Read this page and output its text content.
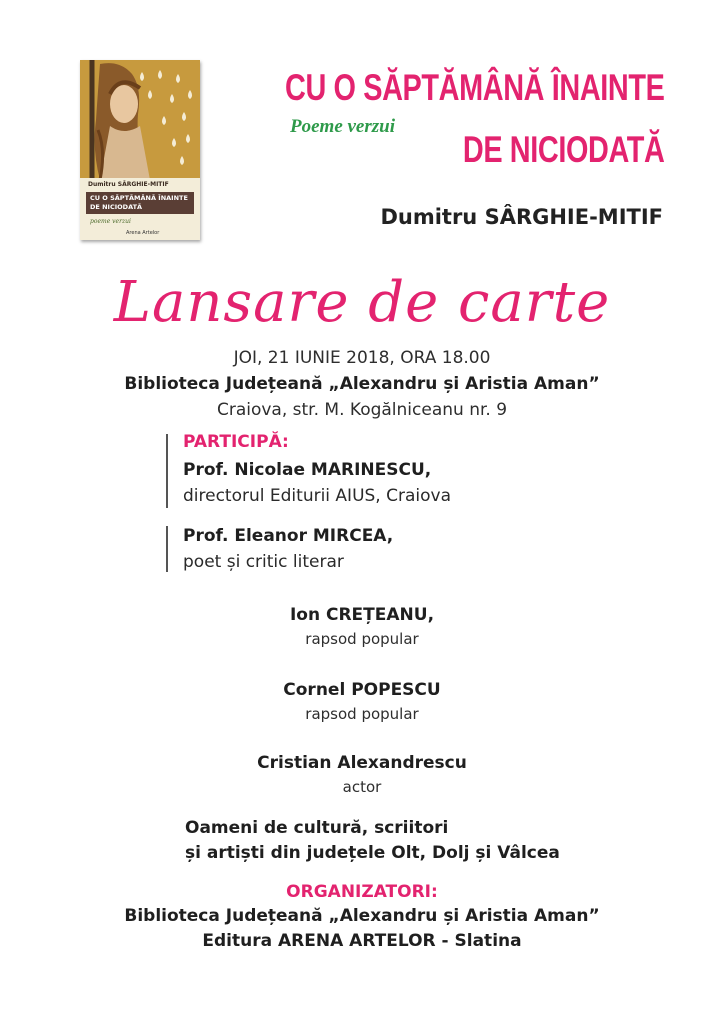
Dumitru SÂRGHIE-MITIF
CU O SĂPTĂMÂNĂ ÎNAINTE DE NICIODATĂ
poeme verzui
Arena Artelor
CU O SĂPTĂMÂNĂ ÎNAINTE
Poeme verzui
DE NICIODATĂ
Dumitru SÂRGHIE-MITIF
Lansare de carte
JOI, 21 IUNIE 2018, ORA 18.00
Biblioteca Județeană „Alexandru și Aristia Aman”
Craiova, str. M. Kogălniceanu nr. 9
PARTICIPĂ:
Prof. Nicolae MARINESCU,
directorul Editurii AIUS, Craiova
Prof. Eleanor MIRCEA,
poet și critic literar
Ion CREȚEANU,
rapsod popular
Cornel POPESCU
rapsod popular
Cristian Alexandrescu
actor
Oameni de cultură, scriitori
și artiști din județele Olt, Dolj și Vâlcea
ORGANIZATORI:
Biblioteca Județeană „Alexandru și Aristia Aman”
Editura ARENA ARTELOR - Slatina
